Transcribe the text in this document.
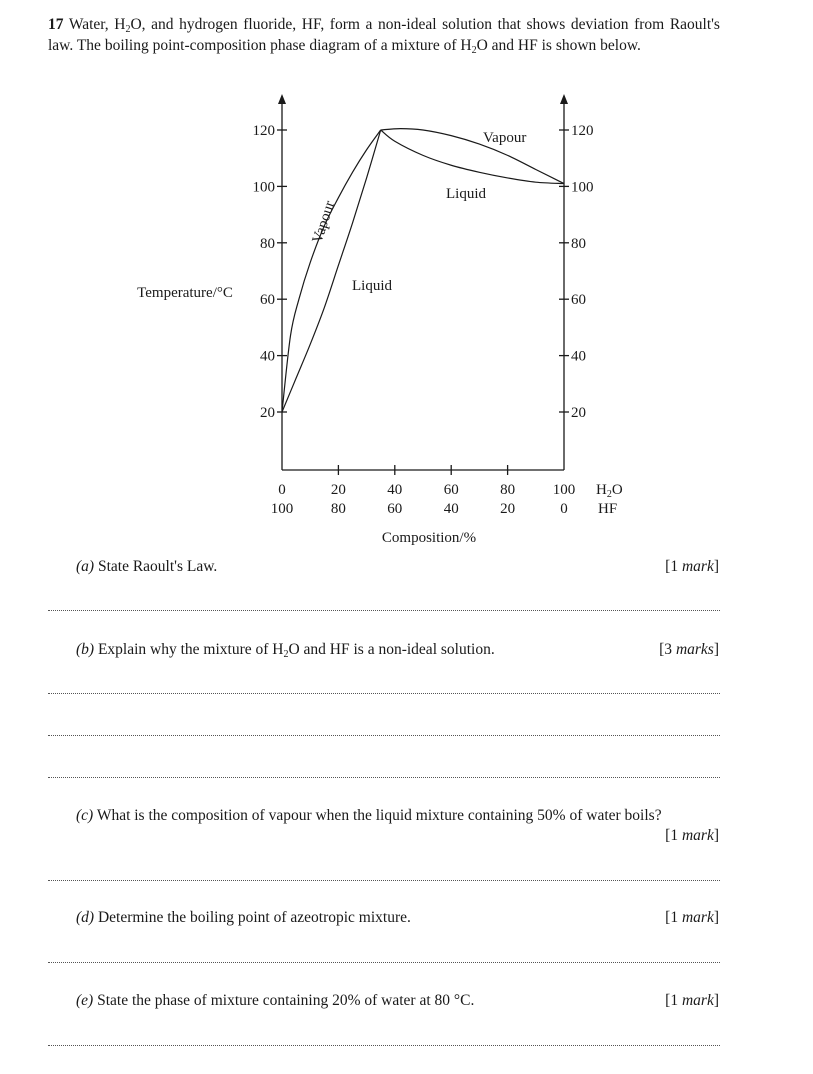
17 Water, $H_2O$, and hydrogen fluoride, HF, form a non-ideal solution that shows deviation from Raoult's law. The boiling point-composition phase diagram of a mixture of $H_2O$ and HF is shown below.
20	20
40	40
60	60
80	80
100	100
120	120
0
100
20
80
40
60
60
40
80
20
100
0
Temperature/°C
Composition/%
$H_2O$
HF
Vapour
Liquid
Vapour
Liquid
(a) State Raoult's Law.	[1 mark]
(b) Explain why the mixture of $H_2O$ and HF is a non-ideal solution.	[3 marks]
(c) What is the composition of vapour when the liquid mixture containing 50% of water boils?
[1 mark]
(d) Determine the boiling point of azeotropic mixture.	[1 mark]
(e) State the phase of mixture containing 20% of water at 80 °C.	[1 mark]
